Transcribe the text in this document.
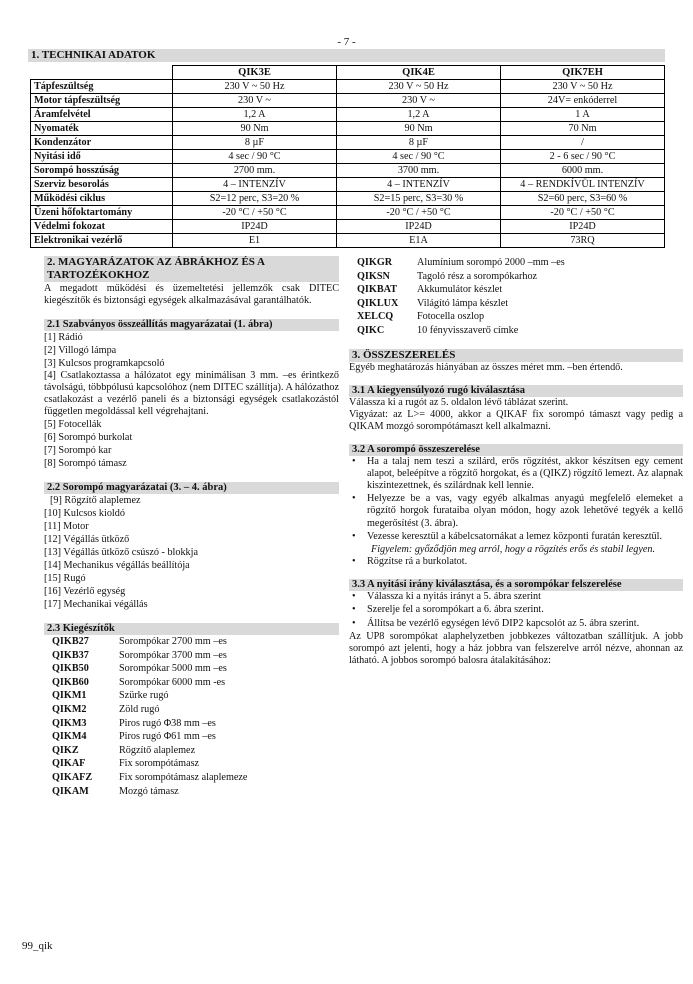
- 7 -
1. TECHNIKAI ADATOK
	QIK3E	QIK4E	QIK7EH
Tápfeszültség	230 V ~ 50 Hz	230 V ~ 50 Hz	230 V ~ 50 Hz
Motor tápfeszültség	230 V ~	230 V ~	24V= enkóderrel
Áramfelvétel	1,2 A	1,2 A	1 A
Nyomaték	90 Nm	90 Nm	70 Nm
Kondenzátor	8 µF	8 µF	/
Nyitási idő	4 sec / 90 °C	4 sec / 90 °C	2 - 6 sec / 90 °C
Sorompó hosszúság	2700 mm.	3700 mm.	6000 mm.
Szerviz besorolás	4 – INTENZÍV	4 – INTENZÍV	4 – RENDKÍVÜL INTENZÍV
Működési ciklus	S2=12 perc, S3=20 %	S2=15 perc, S3=30 %	S2=60 perc, S3=60 %
Üzeni hőfoktartomány	-20 °C / +50 °C	-20 °C / +50 °C	-20 °C / +50 °C
Védelmi fokozat	IP24D	IP24D	IP24D
Elektronikai vezérlő	E1	E1A	73RQ
2. MAGYARÁZATOK AZ ÁBRÁKHOZ ÉS A
TARTOZÉKOKHOZ
A megadott működési és üzemeltetési jellemzők csak DITEC kiegészítők és biztonsági egységek alkalmazásával garantálhatók.
2.1 Szabványos összeállítás magyarázatai (1. ábra)
[1] Rádió
[2] Villogó lámpa
[3] Kulcsos programkapcsoló
[4] Csatlakoztassa a hálózatot egy minimálisan 3 mm. –es érintkező távolságú, többpólusú kapcsolóhoz (nem DITEC szállítja). A hálózathoz csatlakozást a vezérlő paneli és a biztonsági egységek csatlakozástól független megoldással kell végrehajtani.
[5] Fotocellák
[6] Sorompó burkolat
[7] Sorompó kar
[8] Sorompó támasz
2.2 Sorompó magyarázatai (3. – 4. ábra)
[9] Rögzítő alaplemez
[10] Kulcsos kioldó
[11] Motor
[12] Végállás ütköző
[13] Végállás ütköző csúszó - blokkja
[14] Mechanikus végállás beállítója
[15] Rugó
[16] Vezérlő egység
[17] Mechanikai végállás
2.3 Kiegészítők
QIKB27	Sorompókar 2700 mm –es
QIKB37	Sorompókar 3700 mm –es
QIKB50	Sorompókar 5000 mm –es
QIKB60	Sorompókar 6000 mm -es
QIKM1	Szürke rugó
QIKM2	Zöld rugó
QIKM3	Piros rugó Φ38 mm –es
QIKM4	Piros rugó Φ61 mm –es
QIKZ	Rögzítő alaplemez
QIKAF	Fix sorompótámasz
QIKAFZ	Fix sorompótámasz alaplemeze
QIKAM	Mozgó támasz
QIKGR	Alumínium sorompó 2000 –mm –es
QIKSN	Tagoló rész a sorompókarhoz
QIKBAT	Akkumulátor készlet
QIKLUX	Világító lámpa készlet
XELCQ	Fotocella oszlop
QIKC	10 fényvisszaverő címke
3. ÖSSZESZERELÉS
Egyéb meghatározás hiányában az összes méret mm. –ben értendő.
3.1 A kiegyensúlyozó rugó kiválasztása
Válassza ki a rugót az 5. oldalon lévő táblázat szerint.
Vigyázat: az L>= 4000, akkor a QIKAF fix sorompó támaszt vagy pedig a QIKAM mozgó sorompótámaszt kell alkalmazni.
3.2 A sorompó összeszerelése
• Ha a talaj nem teszi a szilárd, erős rögzítést, akkor készítsen egy cement alapot, beleépítve a rögzítő horgokat, és a (QIKZ) rögzítő lemezt. Az alapnak kiszintezettnek, és szilárdnak kell lennie.
• Helyezze be a vas, vagy egyéb alkalmas anyagú megfelelő elemeket a rögzítő horgok furataiba olyan módon, hogy azok lehetővé tegyék a kellő megerősítést (3. ábra).
• Vezesse keresztül a kábelcsatornákat a lemez központi furatán keresztül.
Figyelem: győződjön meg arról, hogy a rögzítés erős és stabil legyen.
• Rögzítse rá a burkolatot.
3.3 A nyitási irány kiválasztása, és a sorompókar felszerelése
• Válassza ki a nyitás irányt a 5. ábra szerint
• Szerelje fel a sorompókart a 6. ábra szerint.
• Állítsa be vezérlő egységen lévő DIP2 kapcsolót az 5. ábra szerint.
Az UP8 sorompókat alaphelyzetben jobbkezes változatban szállítjuk. A jobb sorompó azt jelenti, hogy a ház jobbra van felszerelve arról nézve, ahonnan az látható. A jobbos sorompó balosra átalakításához:
99_qik
